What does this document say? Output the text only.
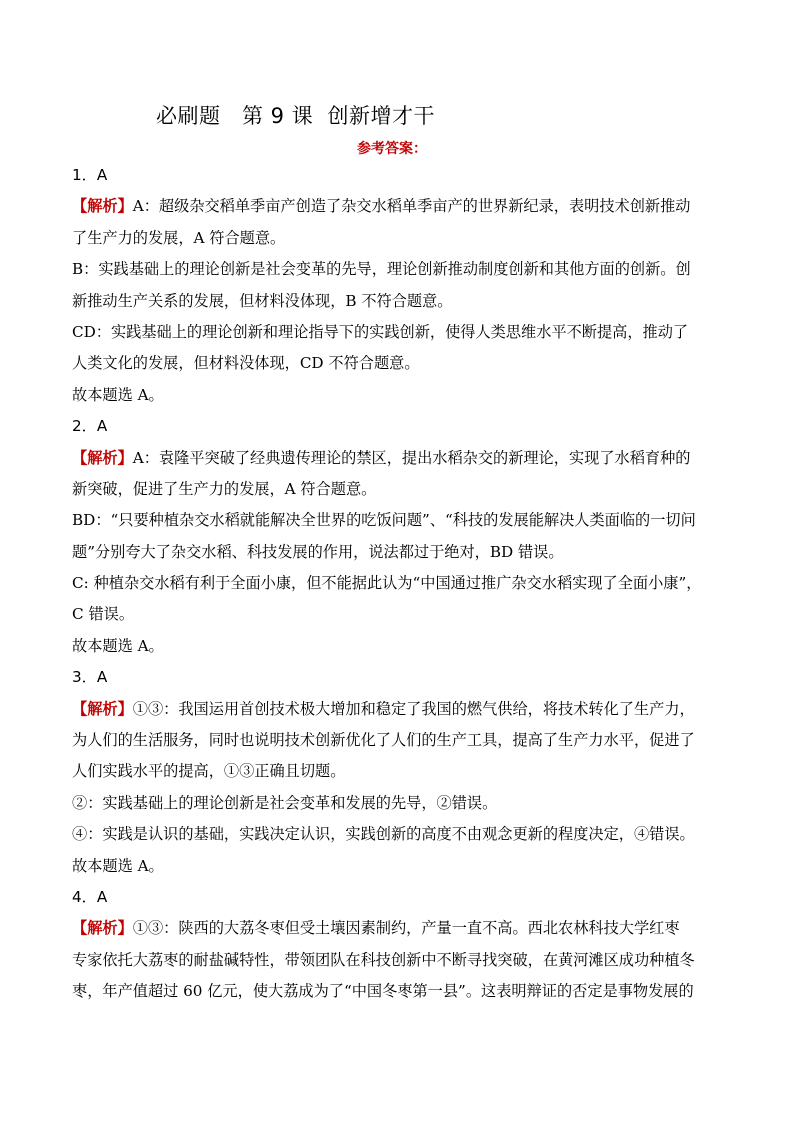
必刷题　第 9 课  创新增才干
参考答案：
1．A
【解析】A：超级杂交稻单季亩产创造了杂交水稻单季亩产的世界新纪录，表明技术创新推动
了生产力的发展，A 符合题意。
B：实践基础上的理论创新是社会变革的先导，理论创新推动制度创新和其他方面的创新。创
新推动生产关系的发展，但材料没体现，B 不符合题意。
CD：实践基础上的理论创新和理论指导下的实践创新，使得人类思维水平不断提高，推动了
人类文化的发展，但材料没体现，CD 不符合题意。
故本题选 A。
2．A
【解析】A：袁隆平突破了经典遗传理论的禁区，提出水稻杂交的新理论，实现了水稻育种的
新突破，促进了生产力的发展，A 符合题意。
BD：“只要种植杂交水稻就能解决全世界的吃饭问题”、“科技的发展能解决人类面临的一切问
题”分别夸大了杂交水稻、科技发展的作用，说法都过于绝对，BD 错误。
C: 种植杂交水稻有利于全面小康，但不能据此认为“中国通过推广杂交水稻实现了全面小康”，
C 错误。
故本题选 A。
3．A
【解析】①③：我国运用首创技术极大增加和稳定了我国的燃气供给，将技术转化了生产力，
为人们的生活服务，同时也说明技术创新优化了人们的生产工具，提高了生产力水平，促进了
人们实践水平的提高，①③正确且切题。
②：实践基础上的理论创新是社会变革和发展的先导，②错误。
④：实践是认识的基础，实践决定认识，实践创新的高度不由观念更新的程度决定，④错误。
故本题选 A。
4．A
【解析】①③：陕西的大荔冬枣但受土壤因素制约，产量一直不高。西北农林科技大学红枣
专家依托大荔枣的耐盐碱特性，带领团队在科技创新中不断寻找突破，在黄河滩区成功种植冬
枣，年产值超过 60 亿元，使大荔成为了“中国冬枣第一县”。这表明辩证的否定是事物发展的
